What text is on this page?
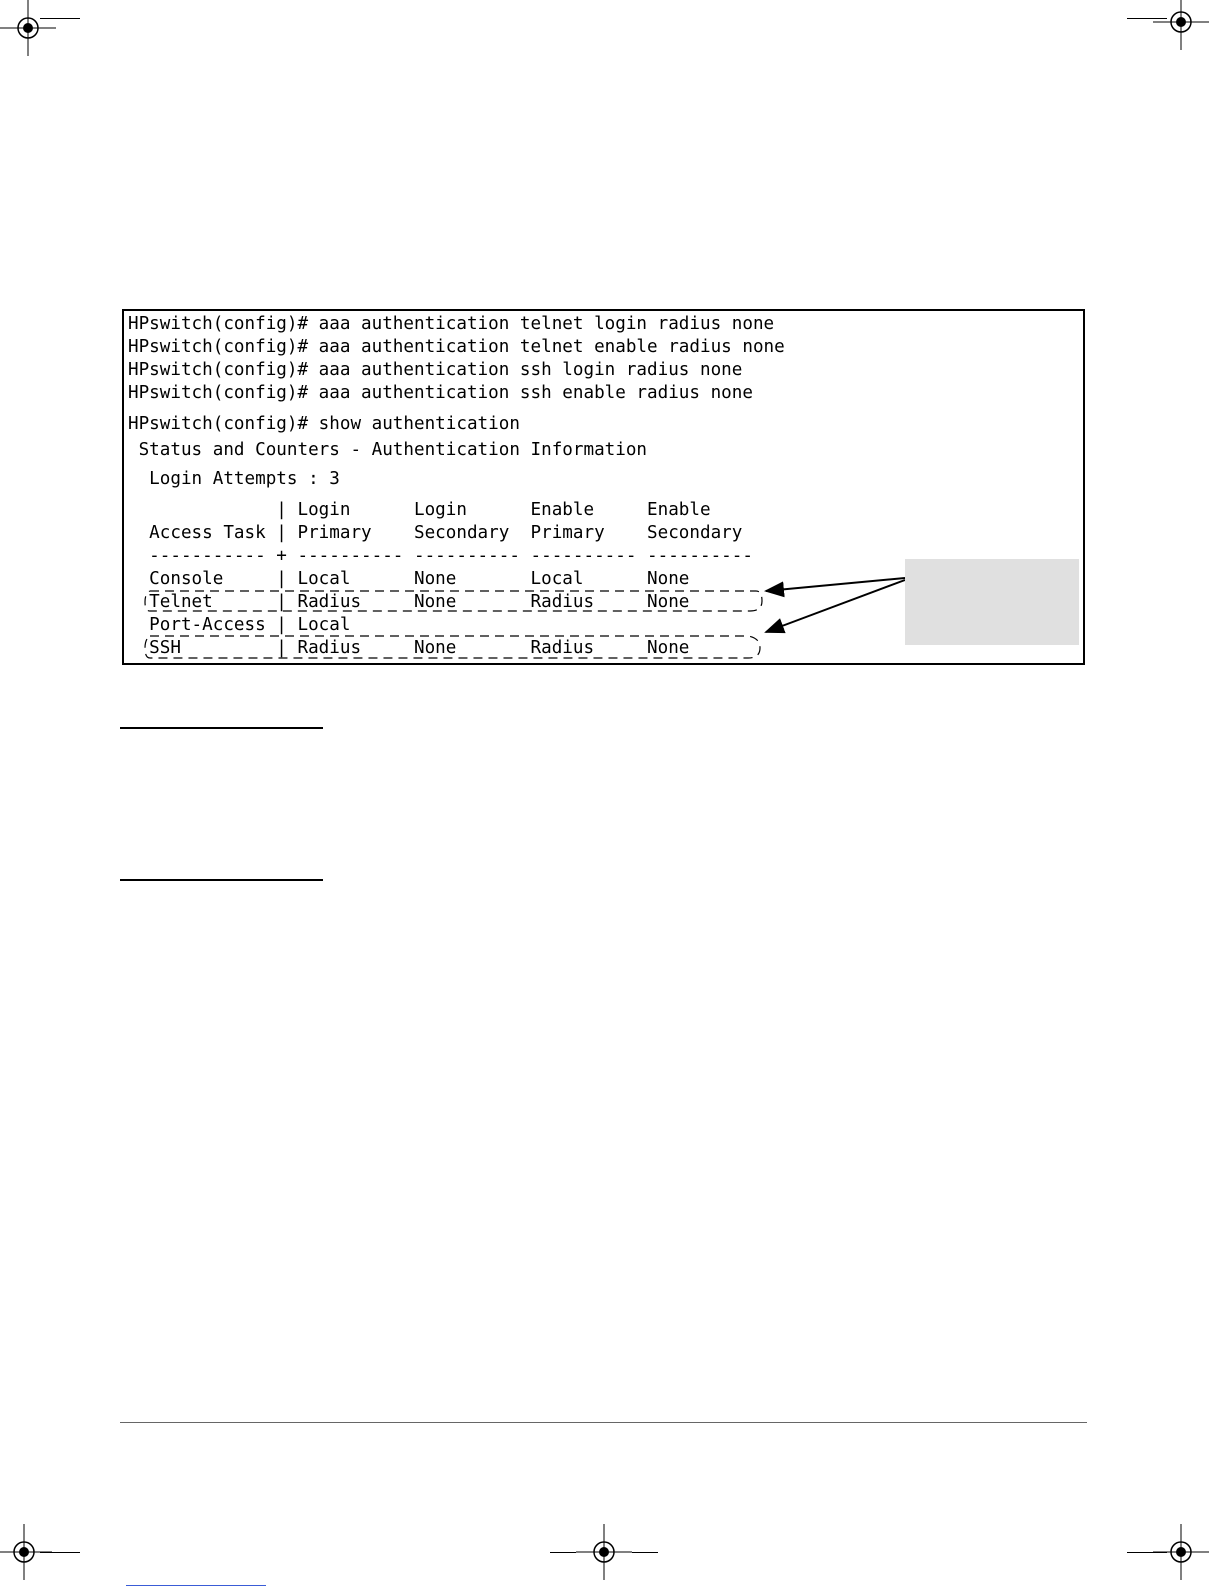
HPswitch(config)# aaa authentication telnet login radius none
HPswitch(config)# aaa authentication telnet enable radius none
HPswitch(config)# aaa authentication ssh login radius none
HPswitch(config)# aaa authentication ssh enable radius none
HPswitch(config)# show authentication
Status and Counters - Authentication Information
Login Attempts : 3
| Login      Login      Enable     Enable
Access Task | Primary    Secondary  Primary    Secondary
----------- + ---------- ---------- ---------- ----------
Console     | Local      None       Local      None
Telnet      | Radius     None       Radius     None
Port-Access | Local
SSH         | Radius     None       Radius     None
